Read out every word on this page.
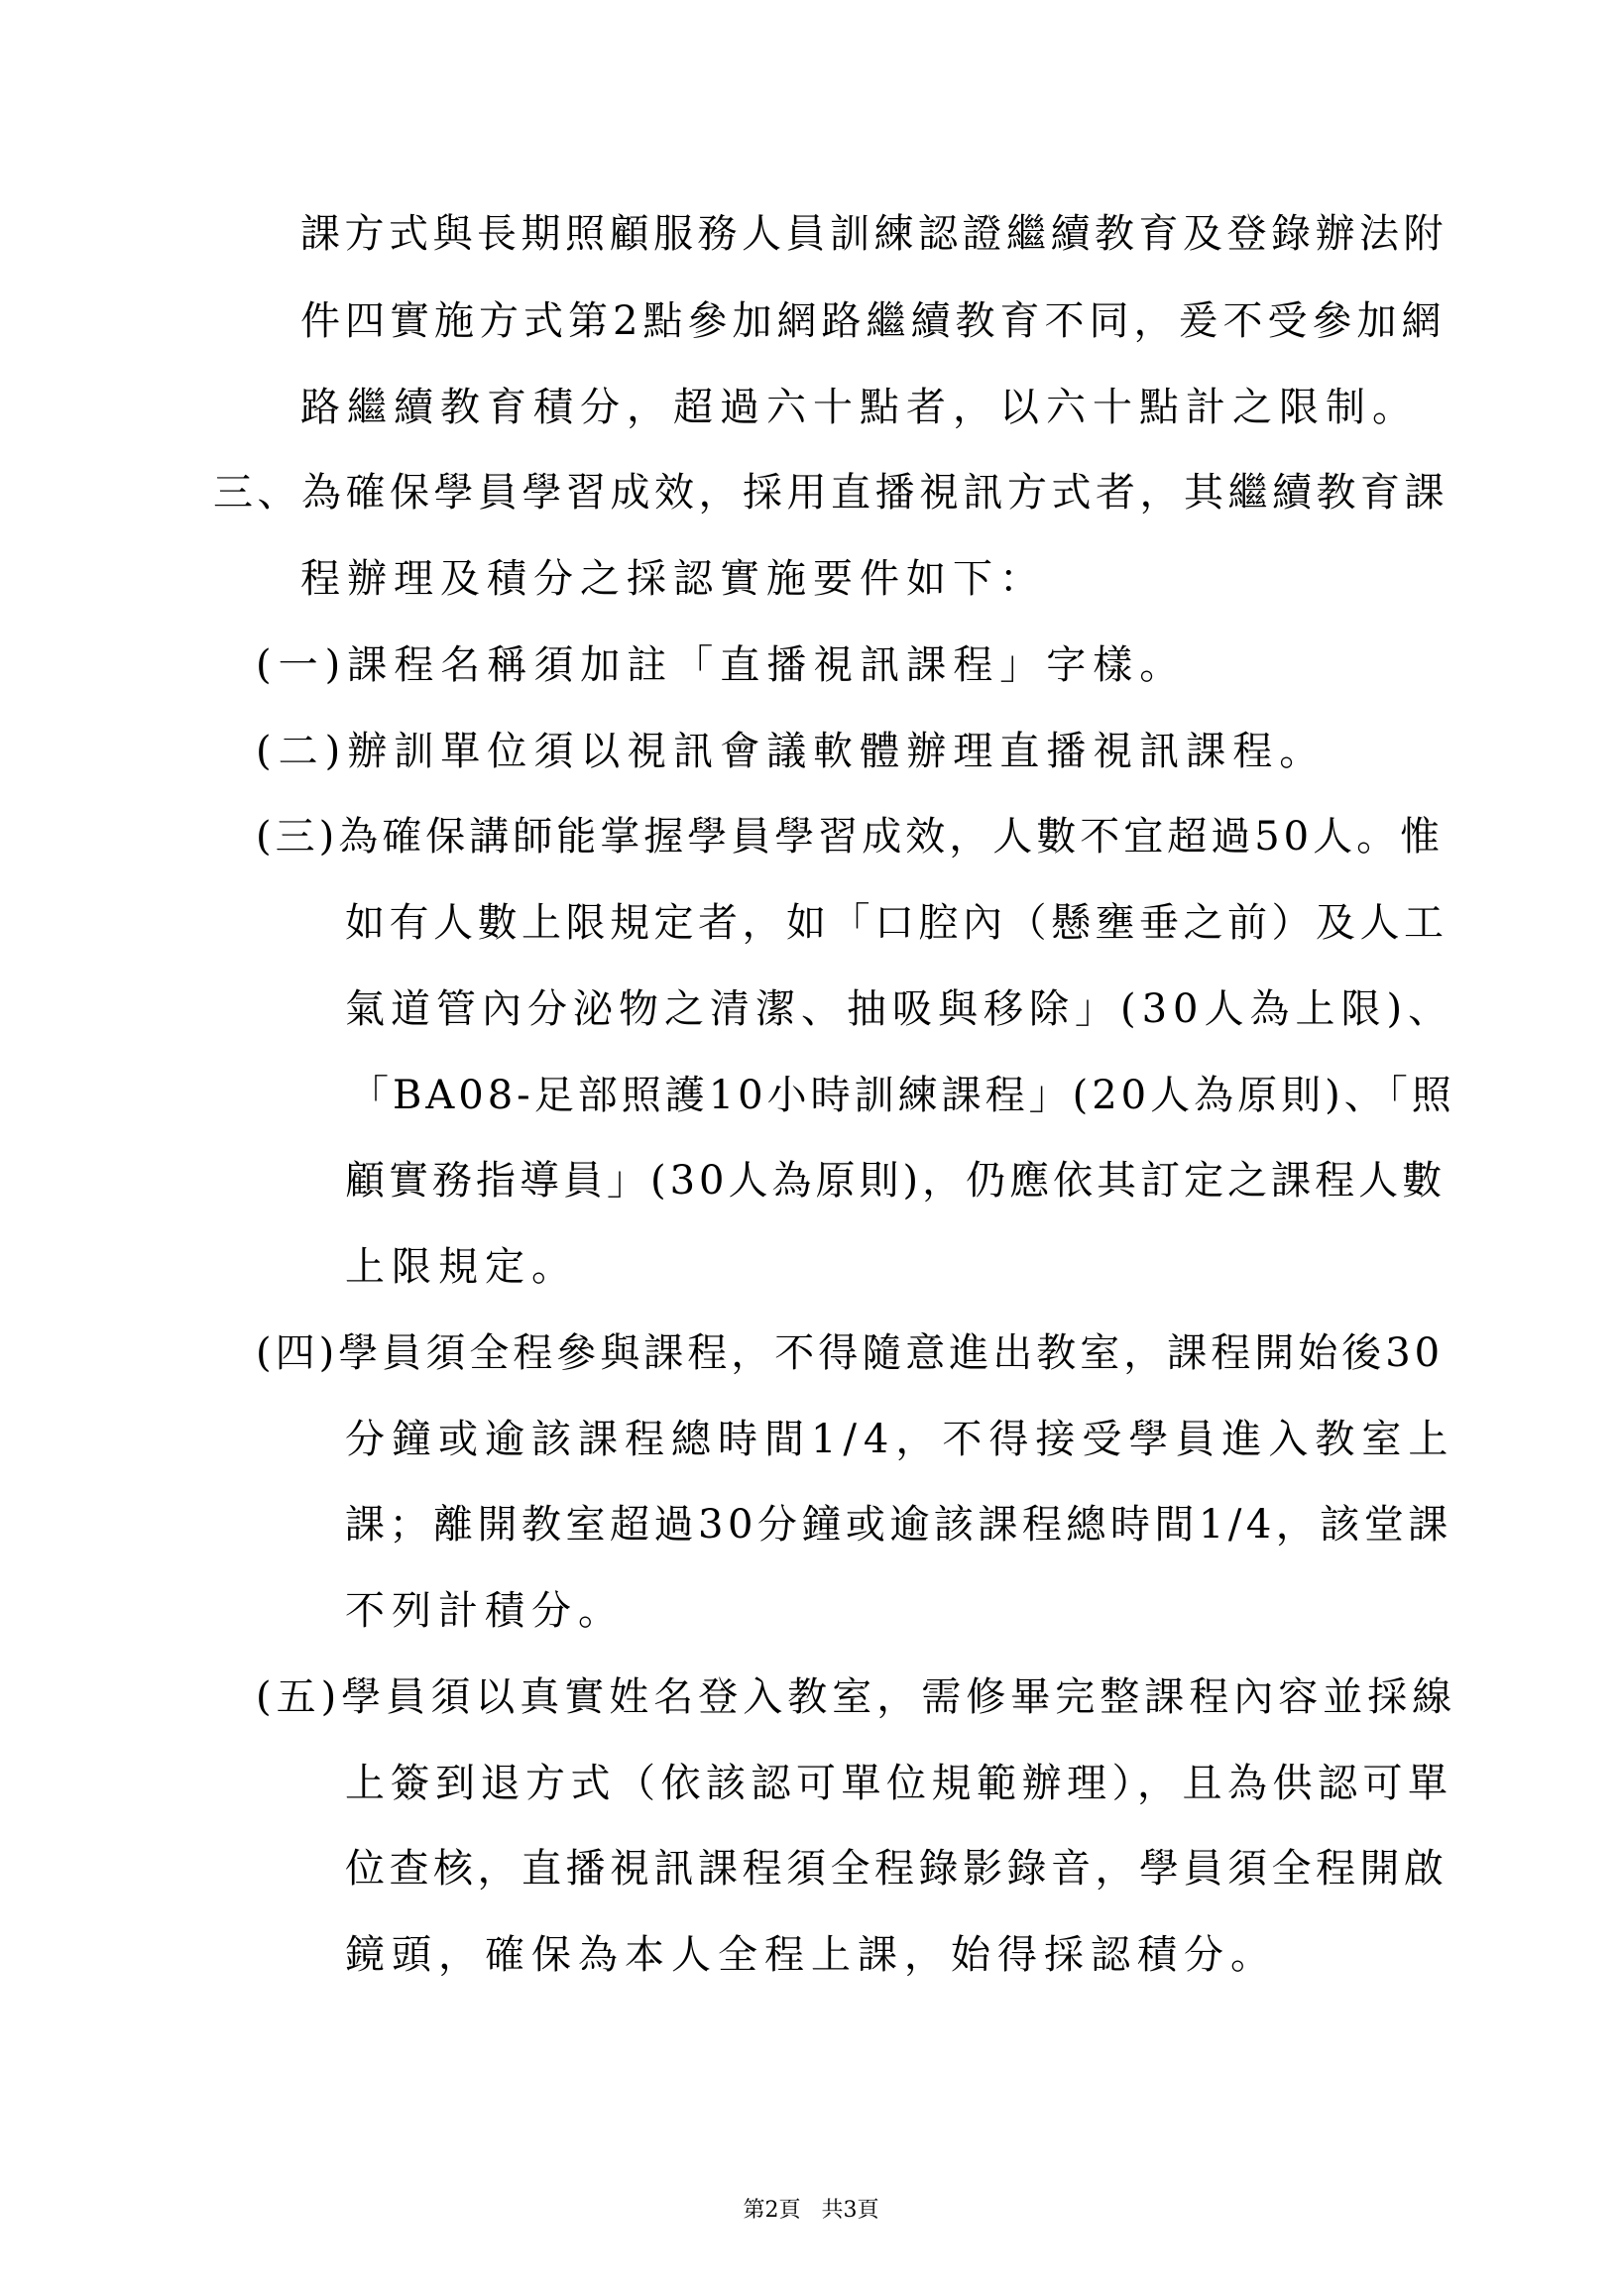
課方式與長期照顧服務人員訓練認證繼續教育及登錄辦法附
件四實施方式第2點參加網路繼續教育不同，爰不受參加網
路繼續教育積分，超過六十點者，以六十點計之限制。
三、為確保學員學習成效，採用直播視訊方式者，其繼續教育課
程辦理及積分之採認實施要件如下：
(一)課程名稱須加註「直播視訊課程」字樣。
(二)辦訓單位須以視訊會議軟體辦理直播視訊課程。
(三)為確保講師能掌握學員學習成效，人數不宜超過50人。惟
如有人數上限規定者，如「口腔內（懸壅垂之前）及人工
氣道管內分泌物之清潔、抽吸與移除」(30人為上限)、
「BA08-足部照護10小時訓練課程」(20人為原則)、「照
顧實務指導員」(30人為原則)，仍應依其訂定之課程人數
上限規定。
(四)學員須全程參與課程，不得隨意進出教室，課程開始後30
分鐘或逾該課程總時間1/4，不得接受學員進入教室上
課；離開教室超過30分鐘或逾該課程總時間1/4，該堂課
不列計積分。
(五)學員須以真實姓名登入教室，需修畢完整課程內容並採線
上簽到退方式（依該認可單位規範辦理），且為供認可單
位查核，直播視訊課程須全程錄影錄音，學員須全程開啟
鏡頭，確保為本人全程上課，始得採認積分。
第2頁   共3頁
